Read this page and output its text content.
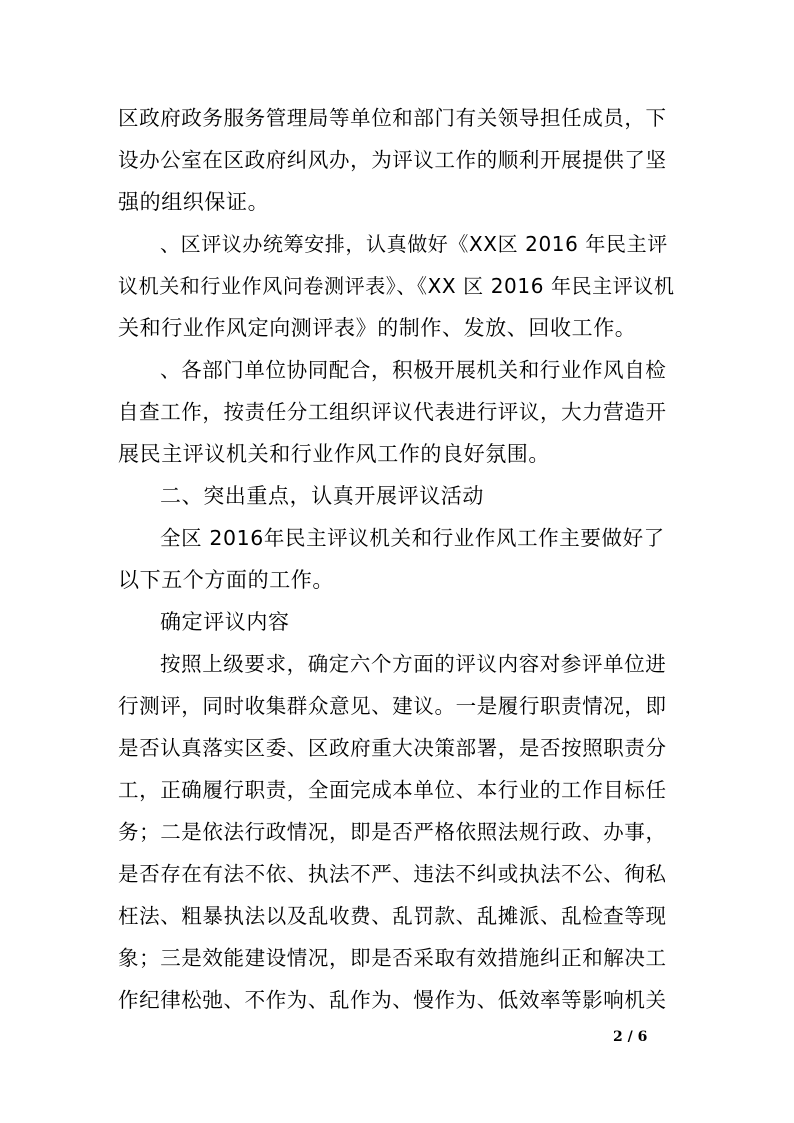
区政府政务服务管理局等单位和部门有关领导担任成员，下
设办公室在区政府纠风办，为评议工作的顺利开展提供了坚
强的组织保证。
、区评议办统筹安排，认真做好《XX区 2016 年民主评
议机关和行业作风问卷测评表》、《XX 区 2016 年民主评议机
关和行业作风定向测评表》的制作、发放、回收工作。
、各部门单位协同配合，积极开展机关和行业作风自检
自查工作，按责任分工组织评议代表进行评议，大力营造开
展民主评议机关和行业作风工作的良好氛围。
二、突出重点，认真开展评议活动
全区 2016年民主评议机关和行业作风工作主要做好了
以下五个方面的工作。
确定评议内容
按照上级要求，确定六个方面的评议内容对参评单位进
行测评，同时收集群众意见、建议。一是履行职责情况，即
是否认真落实区委、区政府重大决策部署，是否按照职责分
工，正确履行职责，全面完成本单位、本行业的工作目标任
务；二是依法行政情况，即是否严格依照法规行政、办事，
是否存在有法不依、执法不严、违法不纠或执法不公、徇私
枉法、粗暴执法以及乱收费、乱罚款、乱摊派、乱检查等现
象；三是效能建设情况，即是否采取有效措施纠正和解决工
作纪律松弛、不作为、乱作为、慢作为、低效率等影响机关
2 / 6
